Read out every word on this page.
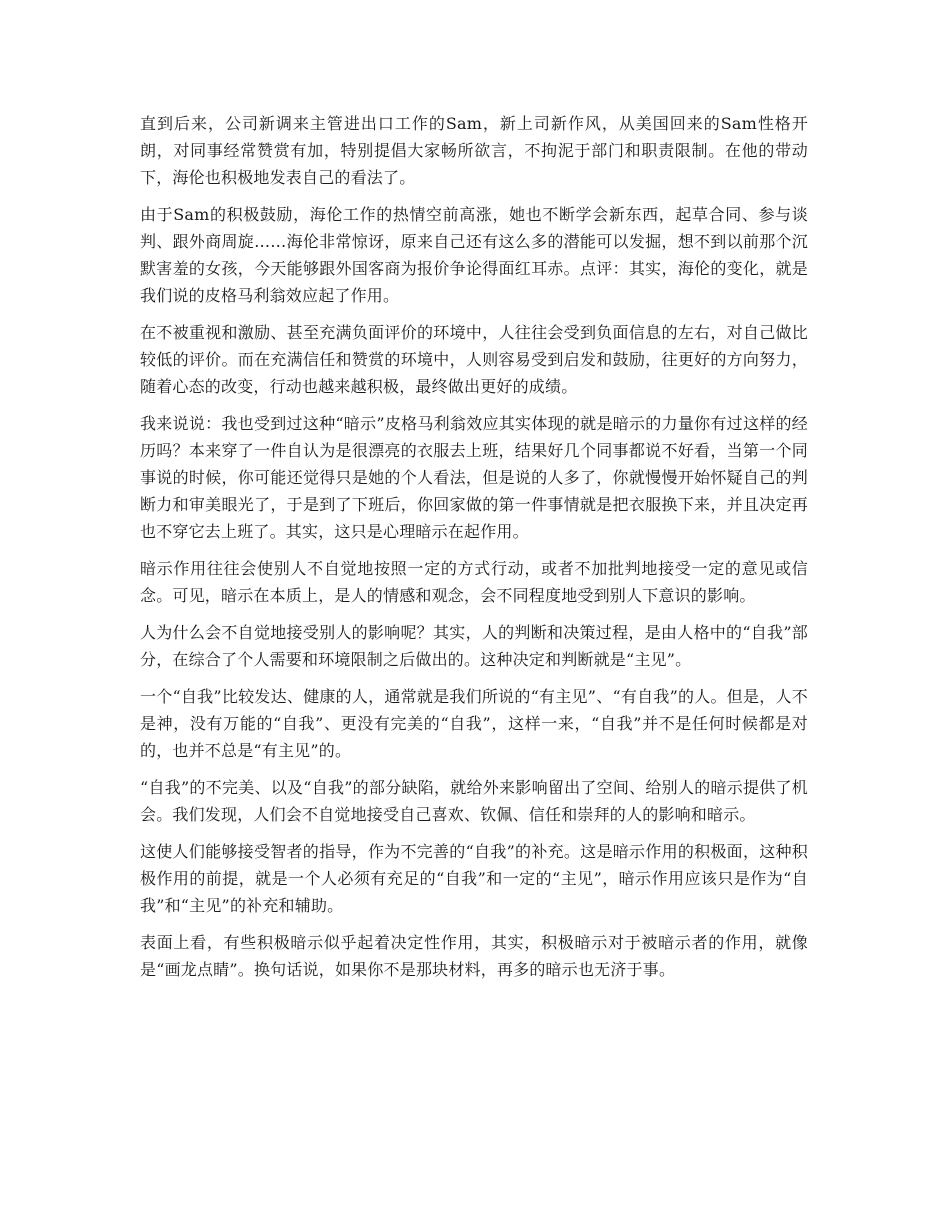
直到后来，公司新调来主管进出口工作的Sam，新上司新作风，从美国回来的Sam性格开朗，对同事经常赞赏有加，特别提倡大家畅所欲言，不拘泥于部门和职责限制。在他的带动下，海伦也积极地发表自己的看法了。

由于Sam的积极鼓励，海伦工作的热情空前高涨，她也不断学会新东西，起草合同、参与谈判、跟外商周旋……海伦非常惊讶，原来自己还有这么多的潜能可以发掘，想不到以前那个沉默害羞的女孩，今天能够跟外国客商为报价争论得面红耳赤。点评：其实，海伦的变化，就是我们说的皮格马利翁效应起了作用。

在不被重视和激励、甚至充满负面评价的环境中，人往往会受到负面信息的左右，对自己做比较低的评价。而在充满信任和赞赏的环境中，人则容易受到启发和鼓励，往更好的方向努力，随着心态的改变，行动也越来越积极，最终做出更好的成绩。

我来说说：我也受到过这种“暗示”皮格马利翁效应其实体现的就是暗示的力量你有过这样的经历吗？本来穿了一件自认为是很漂亮的衣服去上班，结果好几个同事都说不好看，当第一个同事说的时候，你可能还觉得只是她的个人看法，但是说的人多了，你就慢慢开始怀疑自己的判断力和审美眼光了，于是到了下班后，你回家做的第一件事情就是把衣服换下来，并且决定再也不穿它去上班了。其实，这只是心理暗示在起作用。

暗示作用往往会使别人不自觉地按照一定的方式行动，或者不加批判地接受一定的意见或信念。可见，暗示在本质上，是人的情感和观念，会不同程度地受到别人下意识的影响。

人为什么会不自觉地接受别人的影响呢？其实，人的判断和决策过程，是由人格中的“自我”部分，在综合了个人需要和环境限制之后做出的。这种决定和判断就是“主见”。

一个“自我”比较发达、健康的人，通常就是我们所说的“有主见”、“有自我”的人。但是，人不是神，没有万能的“自我”、更没有完美的“自我”，这样一来，“自我”并不是任何时候都是对的，也并不总是“有主见”的。

“自我”的不完美、以及“自我”的部分缺陷，就给外来影响留出了空间、给别人的暗示提供了机会。我们发现，人们会不自觉地接受自己喜欢、钦佩、信任和崇拜的人的影响和暗示。

这使人们能够接受智者的指导，作为不完善的“自我”的补充。这是暗示作用的积极面，这种积极作用的前提，就是一个人必须有充足的“自我”和一定的“主见”，暗示作用应该只是作为“自我”和“主见”的补充和辅助。

表面上看，有些积极暗示似乎起着决定性作用，其实，积极暗示对于被暗示者的作用，就像是“画龙点睛”。换句话说，如果你不是那块材料，再多的暗示也无济于事。
